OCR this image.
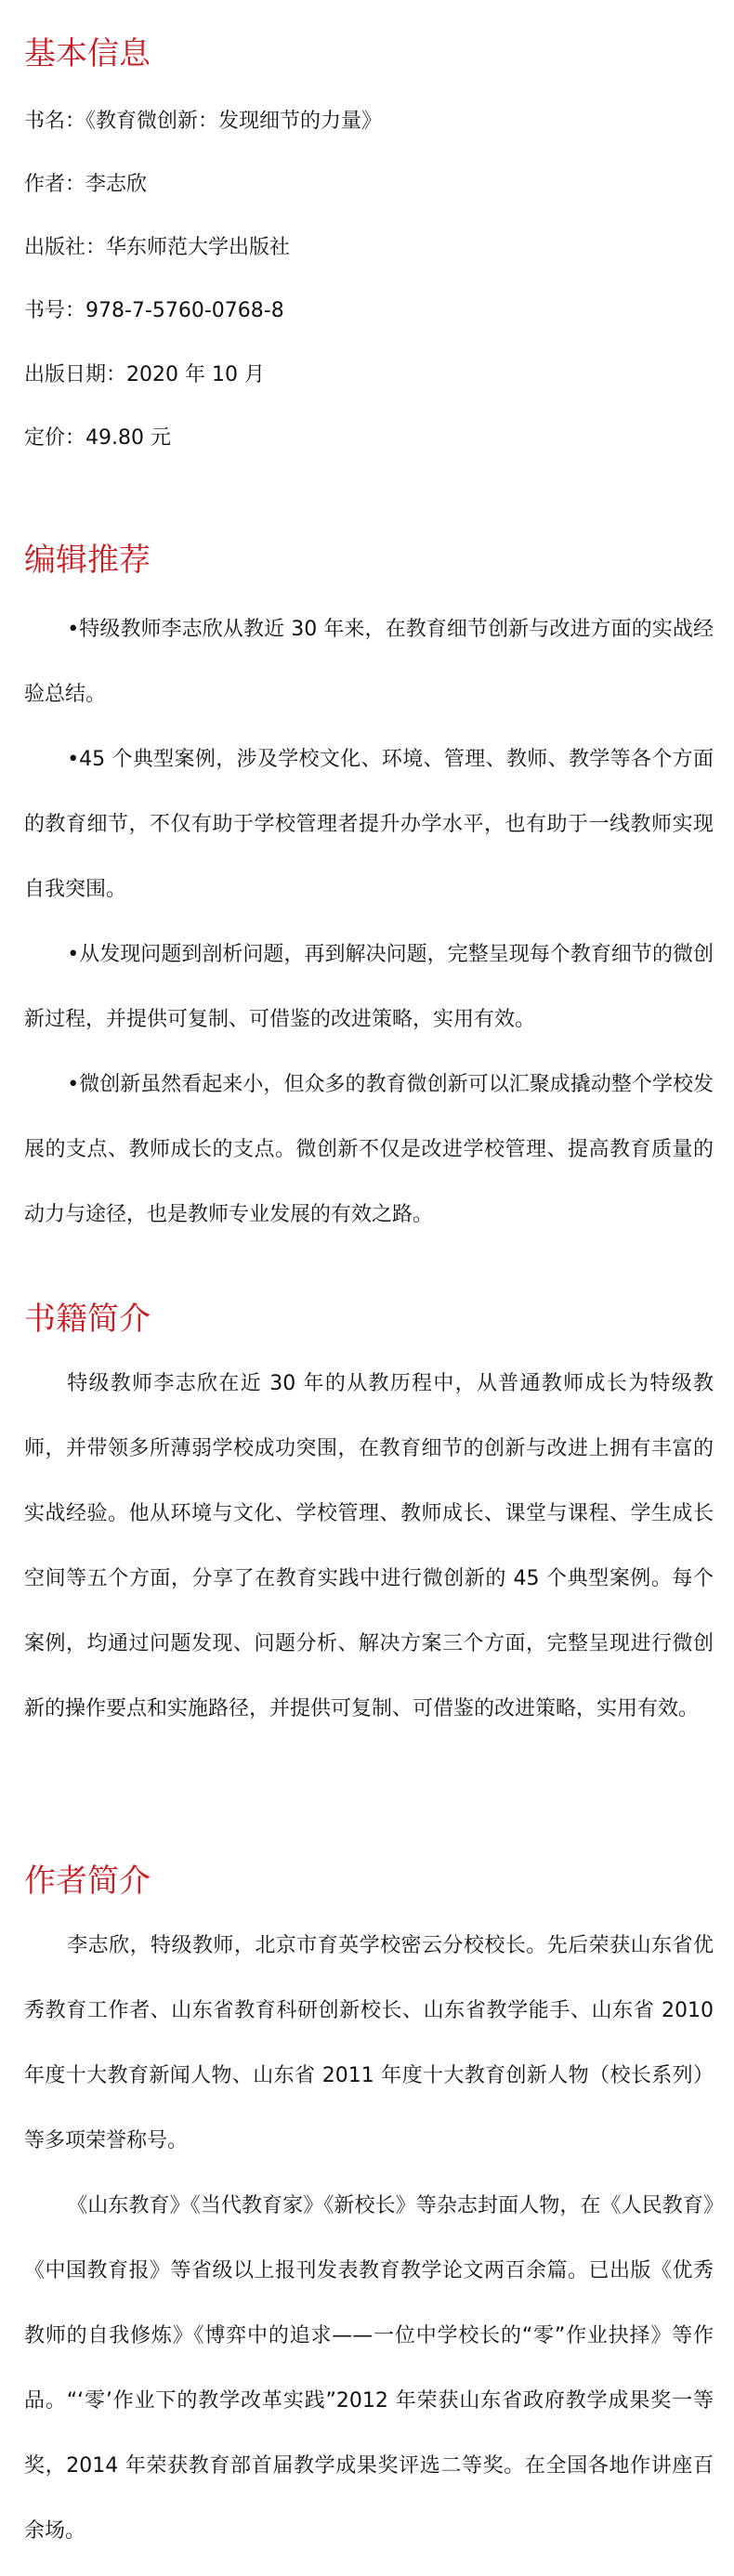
基本信息

书名：《教育微创新：发现细节的力量》

作者：李志欣

出版社：华东师范大学出版社

书号：978-7-5760-0768-8

出版日期：2020 年 10 月

定价：49.80 元

编辑推荐

•特级教师李志欣从教近 30 年来，在教育细节创新与改进方面的实战经验总结。

•45 个典型案例，涉及学校文化、环境、管理、教师、教学等各个方面的教育细节，不仅有助于学校管理者提升办学水平，也有助于一线教师实现自我突围。

•从发现问题到剖析问题，再到解决问题，完整呈现每个教育细节的微创新过程，并提供可复制、可借鉴的改进策略，实用有效。

•微创新虽然看起来小，但众多的教育微创新可以汇聚成撬动整个学校发展的支点、教师成长的支点。微创新不仅是改进学校管理、提高教育质量的动力与途径，也是教师专业发展的有效之路。

书籍简介

特级教师李志欣在近 30 年的从教历程中，从普通教师成长为特级教师，并带领多所薄弱学校成功突围，在教育细节的创新与改进上拥有丰富的实战经验。他从环境与文化、学校管理、教师成长、课堂与课程、学生成长空间等五个方面，分享了在教育实践中进行微创新的 45 个典型案例。每个案例，均通过问题发现、问题分析、解决方案三个方面，完整呈现进行微创新的操作要点和实施路径，并提供可复制、可借鉴的改进策略，实用有效。

作者简介

李志欣，特级教师，北京市育英学校密云分校校长。先后荣获山东省优秀教育工作者、山东省教育科研创新校长、山东省教学能手、山东省 2010 年度十大教育新闻人物、山东省 2011 年度十大教育创新人物（校长系列）等多项荣誉称号。

《山东教育》《当代教育家》《新校长》等杂志封面人物，在《人民教育》《中国教育报》等省级以上报刊发表教育教学论文两百余篇。已出版《优秀教师的自我修炼》《博弈中的追求——一位中学校长的“零”作业抉择》等作品。“‘零’作业下的教学改革实践”2012 年荣获山东省政府教学成果奖一等奖，2014 年荣获教育部首届教学成果奖评选二等奖。在全国各地作讲座百余场。
